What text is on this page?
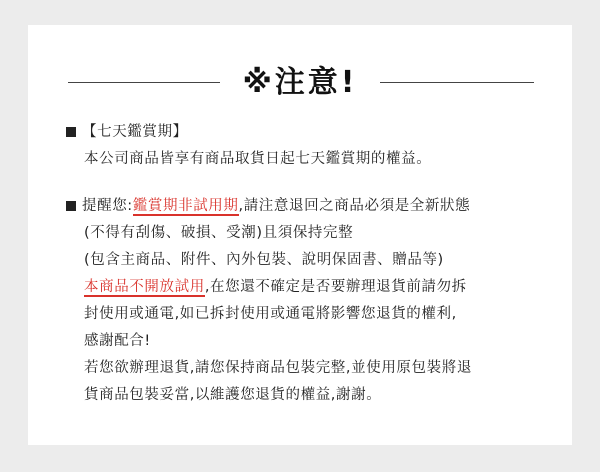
※注意!
【七天鑑賞期】
本公司商品皆享有商品取貨日起七天鑑賞期的權益。
提醒您:鑑賞期非試用期,請注意退回之商品必須是全新狀態
(不得有刮傷、破損、受潮)且須保持完整
(包含主商品、附件、內外包裝、說明保固書、贈品等)
本商品不開放試用,在您還不確定是否要辦理退貨前請勿拆
封使用或通電,如已拆封使用或通電將影響您退貨的權利,
感謝配合!
若您欲辦理退貨,請您保持商品包裝完整,並使用原包裝將退
貨商品包裝妥當,以維護您退貨的權益,謝謝。
